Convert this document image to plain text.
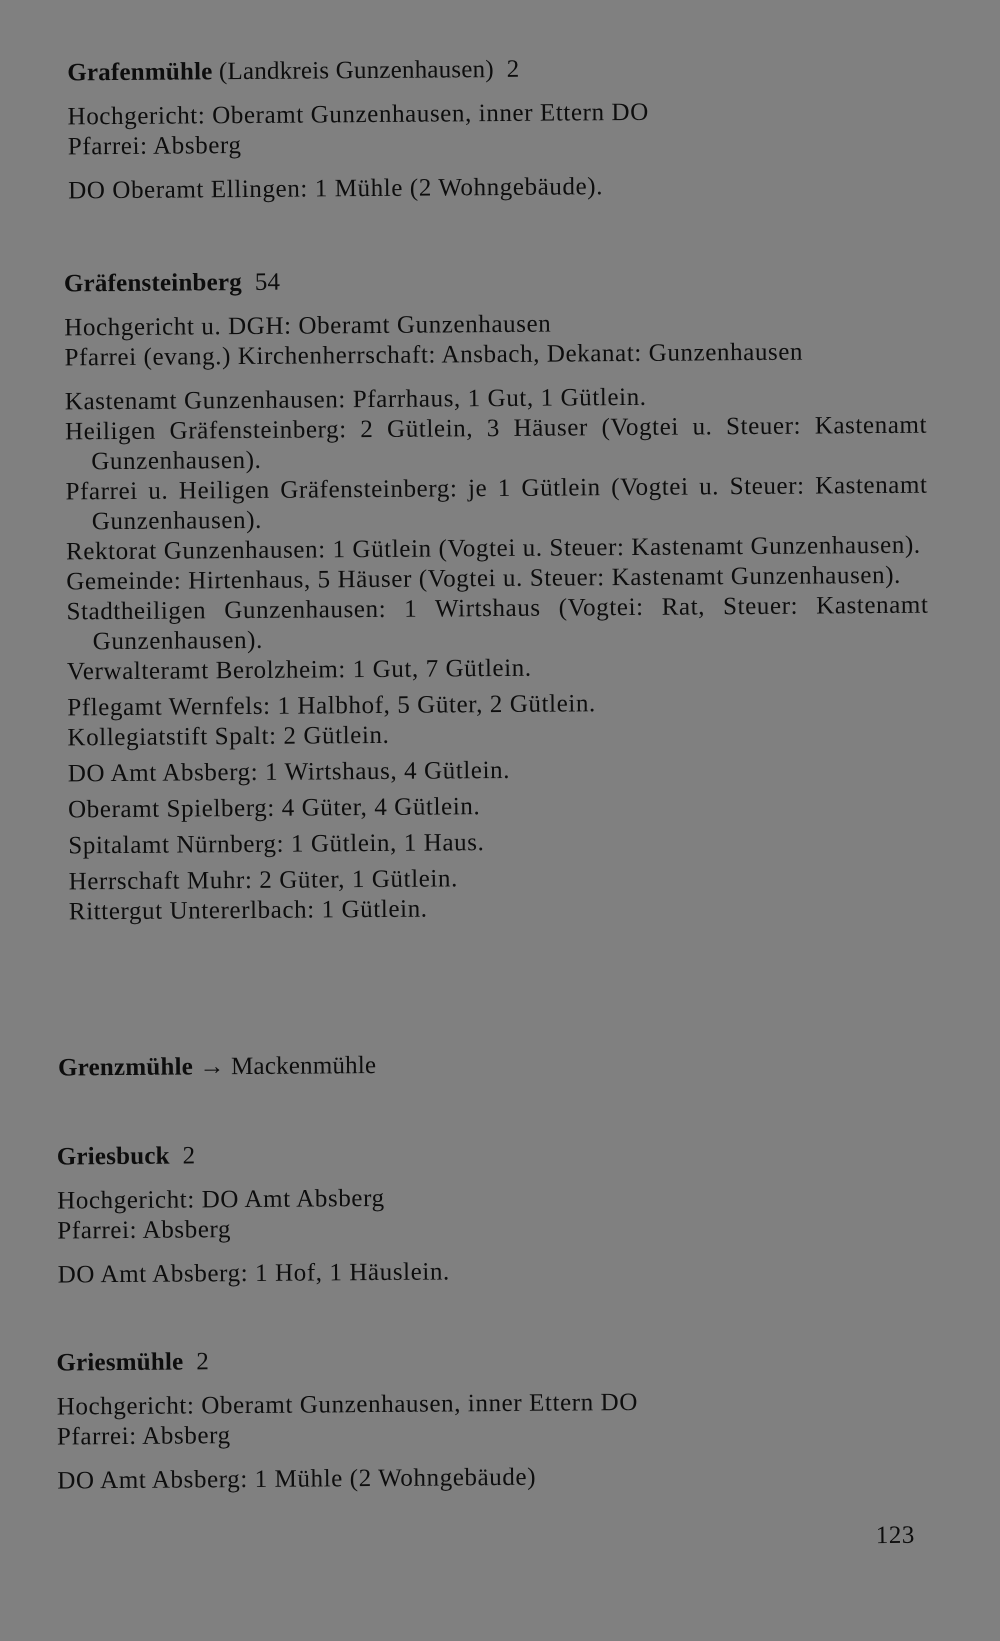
Grafenmühle (Landkreis Gunzenhausen)  2
Hochgericht: Oberamt Gunzenhausen, inner Ettern DO
Pfarrei: Absberg
DO Oberamt Ellingen: 1 Mühle (2 Wohngebäude).
Gräfensteinberg  54
Hochgericht u. DGH: Oberamt Gunzenhausen
Pfarrei (evang.) Kirchenherrschaft: Ansbach, Dekanat: Gunzenhausen
Kastenamt Gunzenhausen: Pfarrhaus, 1 Gut, 1 Gütlein.
Heiligen Gräfensteinberg: 2 Gütlein, 3 Häuser (Vogtei u. Steuer: Kastenamt Gunzenhausen).
Pfarrei u. Heiligen Gräfensteinberg: je 1 Gütlein (Vogtei u. Steuer: Kastenamt Gunzenhausen).
Rektorat Gunzenhausen: 1 Gütlein (Vogtei u. Steuer: Kastenamt Gunzenhausen).
Gemeinde: Hirtenhaus, 5 Häuser (Vogtei u. Steuer: Kastenamt Gunzenhausen).
Stadtheiligen Gunzenhausen: 1 Wirtshaus (Vogtei: Rat, Steuer: Kastenamt Gunzenhausen).
Verwalteramt Berolzheim: 1 Gut, 7 Gütlein.
Pflegamt Wernfels: 1 Halbhof, 5 Güter, 2 Gütlein.
Kollegiatstift Spalt: 2 Gütlein.
DO Amt Absberg: 1 Wirtshaus, 4 Gütlein.
Oberamt Spielberg: 4 Güter, 4 Gütlein.
Spitalamt Nürnberg: 1 Gütlein, 1 Haus.
Herrschaft Muhr: 2 Güter, 1 Gütlein.
Rittergut Untererlbach: 1 Gütlein.
Grenzmühle → Mackenmühle
Griesbuck  2
Hochgericht: DO Amt Absberg
Pfarrei: Absberg
DO Amt Absberg: 1 Hof, 1 Häuslein.
Griesmühle  2
Hochgericht: Oberamt Gunzenhausen, inner Ettern DO
Pfarrei: Absberg
DO Amt Absberg: 1 Mühle (2 Wohngebäude)
123
